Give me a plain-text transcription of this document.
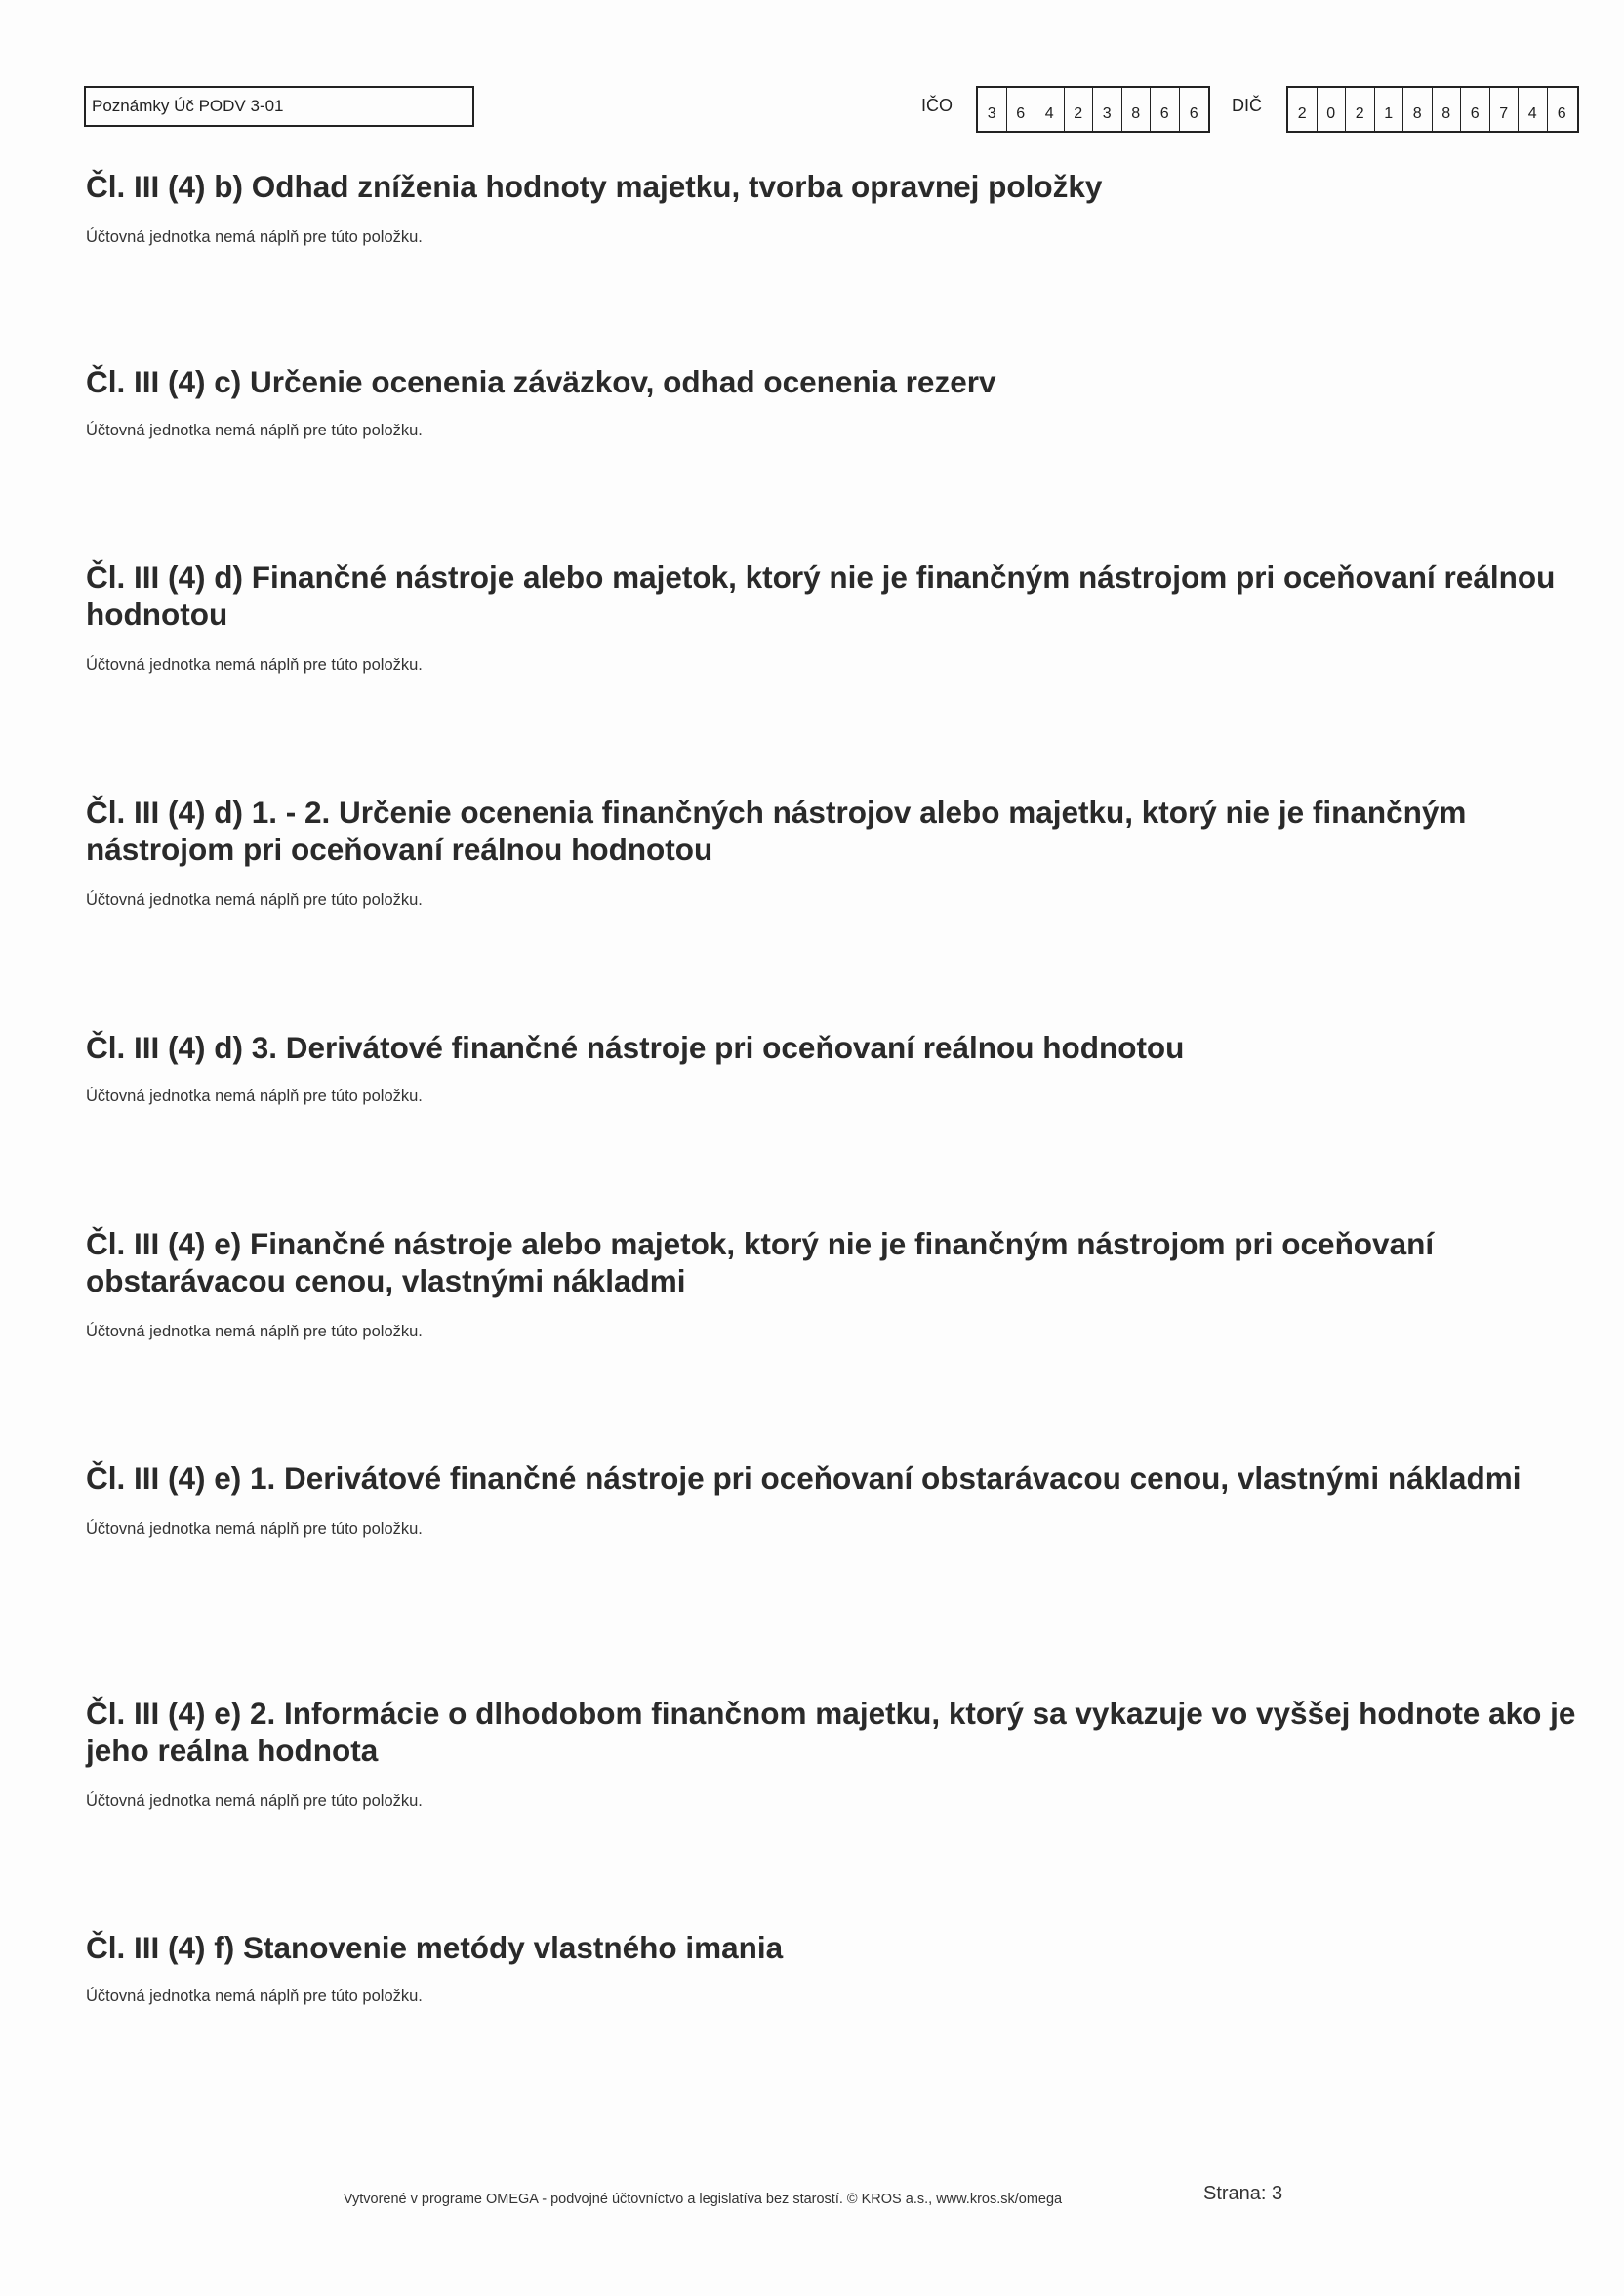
Poznámky Úč PODV 3-01	IČO	3	6	4	2	3	8	6	6	DIČ	2	0	2	1	8	8	6	7	4	6
Čl. III (4) b) Odhad zníženia hodnoty majetku, tvorba opravnej položky

Účtovná jednotka nemá náplň pre túto položku.

Čl. III (4) c) Určenie ocenenia záväzkov, odhad ocenenia rezerv

Účtovná jednotka nemá náplň pre túto položku.

Čl. III (4) d) Finančné nástroje alebo majetok, ktorý nie je finančným nástrojom pri oceňovaní reálnou hodnotou

Účtovná jednotka nemá náplň pre túto položku.

Čl. III (4) d) 1. - 2. Určenie ocenenia finančných nástrojov alebo majetku, ktorý nie je finančným nástrojom pri oceňovaní reálnou hodnotou

Účtovná jednotka nemá náplň pre túto položku.

Čl. III (4) d) 3. Derivátové finančné nástroje pri oceňovaní reálnou hodnotou

Účtovná jednotka nemá náplň pre túto položku.

Čl. III (4) e) Finančné nástroje alebo majetok, ktorý nie je finančným nástrojom pri oceňovaní obstarávacou cenou, vlastnými nákladmi

Účtovná jednotka nemá náplň pre túto položku.

Čl. III (4) e) 1. Derivátové finančné nástroje pri oceňovaní obstarávacou cenou, vlastnými nákladmi

Účtovná jednotka nemá náplň pre túto položku.

Čl. III (4) e) 2. Informácie o dlhodobom finančnom majetku, ktorý sa vykazuje vo vyššej hodnote ako je jeho reálna hodnota

Účtovná jednotka nemá náplň pre túto položku.

Čl. III (4) f) Stanovenie metódy vlastného imania

Účtovná jednotka nemá náplň pre túto položku.

Vytvorené v programe OMEGA - podvojné účtovníctvo a legislatíva bez starostí. © KROS a.s., www.kros.sk/omega	Strana: 3
